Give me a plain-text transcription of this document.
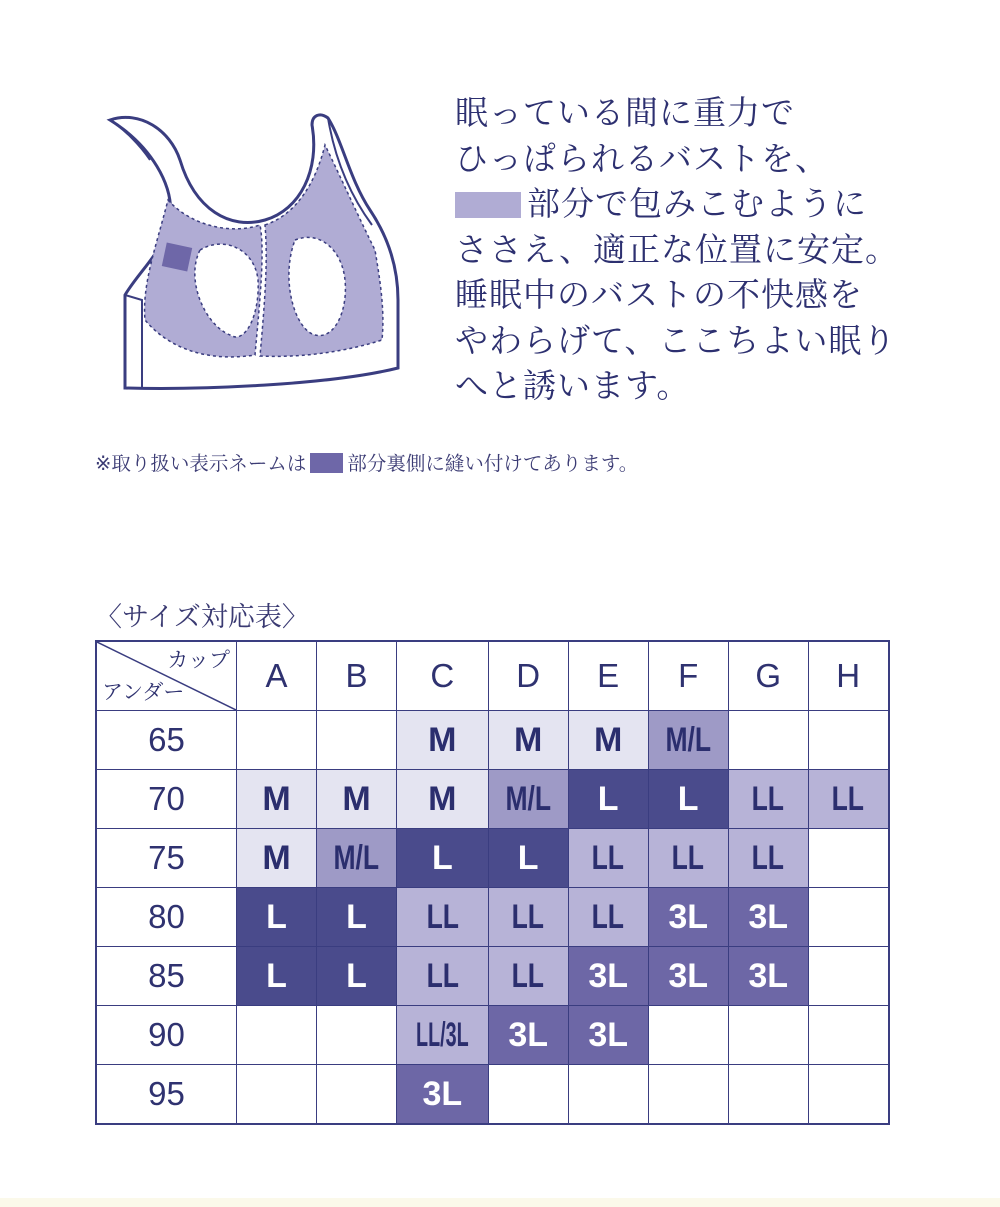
眠っている間に重力で
ひっぱられるバストを、
部分で包みこむように
ささえ、適正な位置に安定。
睡眠中のバストの不快感を
やわらげて、ここちよい眠り
へと誘います。
※取り扱い表示ネームは 部分裏側に縫い付けてあります。
〈サイズ対応表〉
カップ
アンダー	A	B	C	D	E	F	G	H
65			M	M	M	M/L		
70	M	M	M	M/L	L	L	LL	LL
75	M	M/L	L	L	LL	LL	LL	
80	L	L	LL	LL	LL	3L	3L	
85	L	L	LL	LL	3L	3L	3L	
90			LL/3L	3L	3L			
95			3L					
